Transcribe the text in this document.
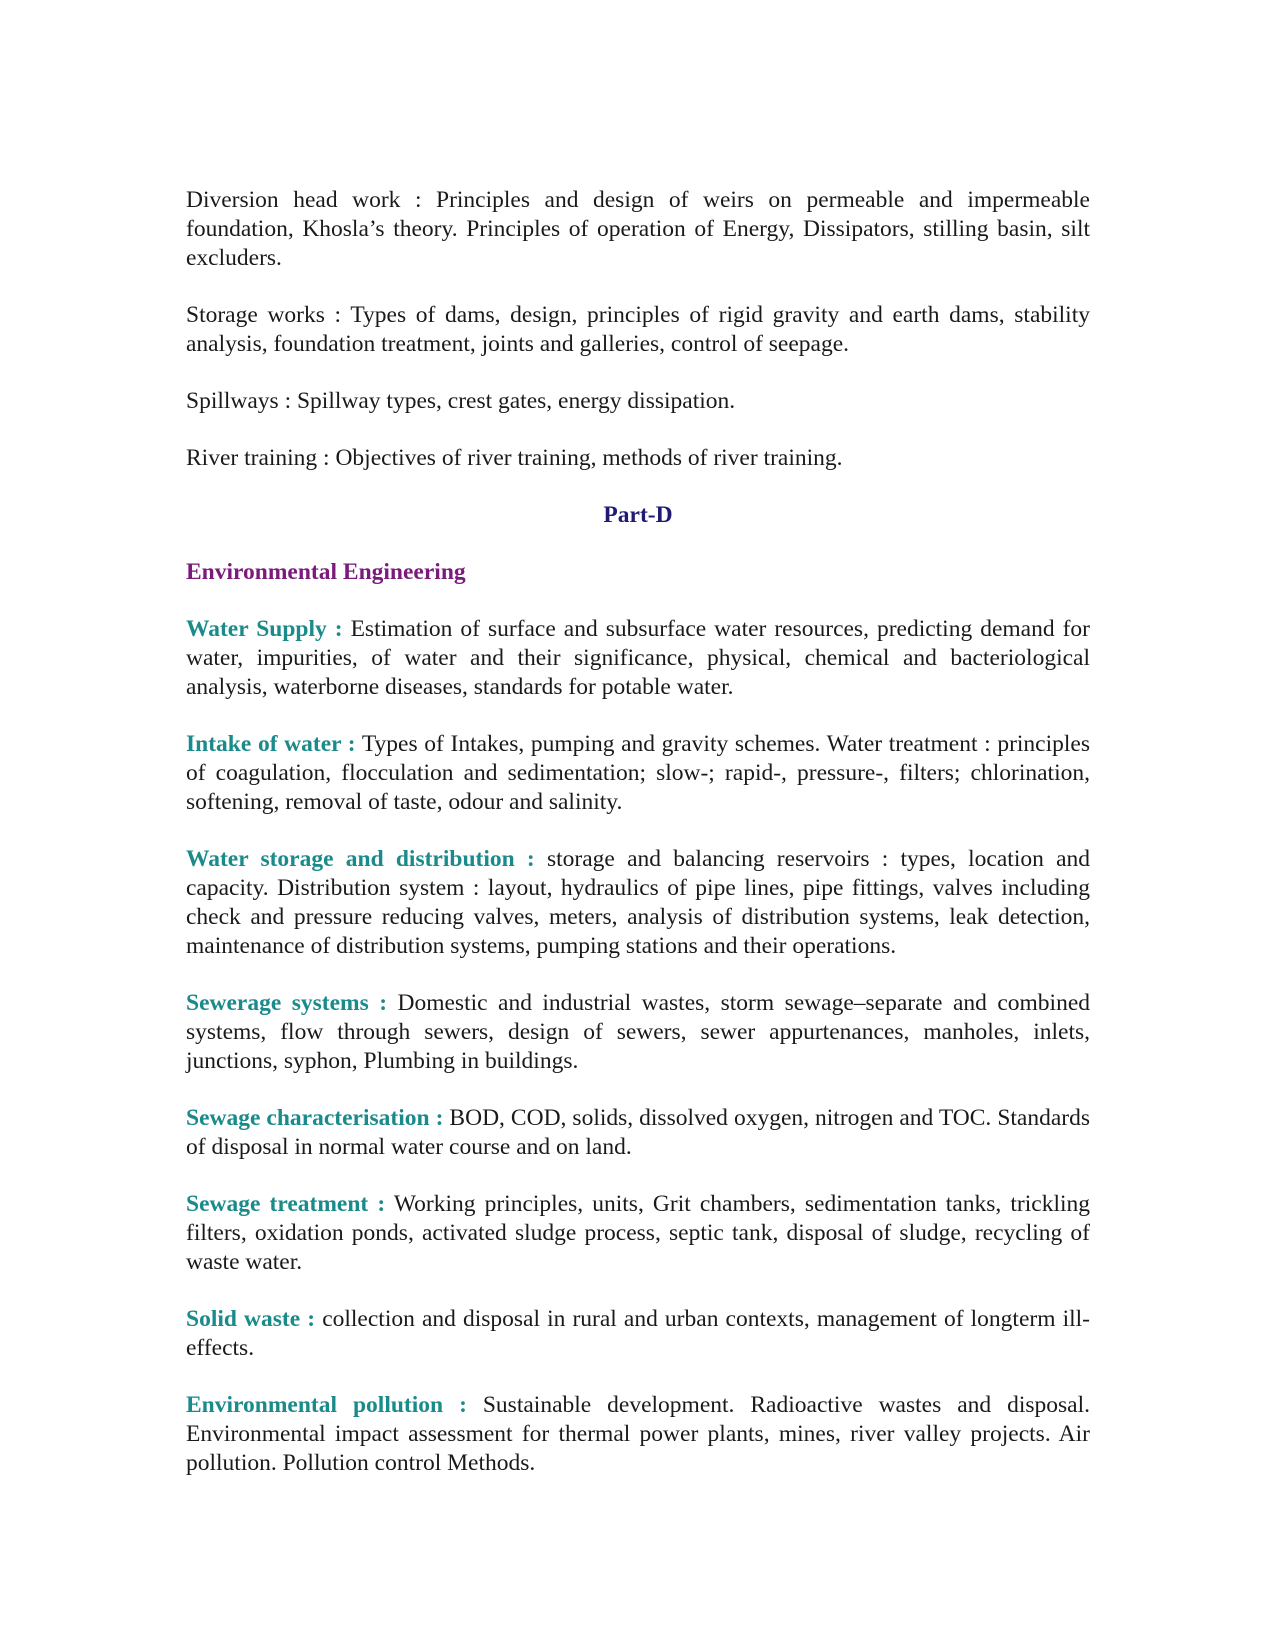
Diversion head work : Principles and design of weirs on permeable and impermeable foundation, Khosla’s theory. Principles of operation of Energy, Dissipators, stilling basin, silt excluders.

Storage works : Types of dams, design, principles of rigid gravity and earth dams, stability analysis, foundation treatment, joints and galleries, control of seepage.

Spillways : Spillway types, crest gates, energy dissipation.

River training : Objectives of river training, methods of river training.

Part-D
Environmental Engineering

Water Supply : Estimation of surface and subsurface water resources, predicting demand for water, impurities, of water and their significance, physical, chemical and bacteriological analysis, waterborne diseases, standards for potable water.

Intake of water : Types of Intakes, pumping and gravity schemes. Water treatment : principles of coagulation, flocculation and sedimentation; slow-; rapid-, pressure-, filters; chlorination, softening, removal of taste, odour and salinity.

Water storage and distribution : storage and balancing reservoirs : types, location and capacity. Distribution system : layout, hydraulics of pipe lines, pipe fittings, valves including check and pressure reducing valves, meters, analysis of distribution systems, leak detection, maintenance of distribution systems, pumping stations and their operations.

Sewerage systems : Domestic and industrial wastes, storm sewage–separate and combined systems, flow through sewers, design of sewers, sewer appurtenances, manholes, inlets, junctions, syphon, Plumbing in buildings.

Sewage characterisation : BOD, COD, solids, dissolved oxygen, nitrogen and TOC. Standards of disposal in normal water course and on land.

Sewage treatment : Working principles, units, Grit chambers, sedimentation tanks, trickling filters, oxidation ponds, activated sludge process, septic tank, disposal of sludge, recycling of waste water.

Solid waste : collection and disposal in rural and urban contexts, management of longterm ill-effects.

Environmental pollution : Sustainable development. Radioactive wastes and disposal. Environmental impact assessment for thermal power plants, mines, river valley projects. Air pollution. Pollution control Methods.
